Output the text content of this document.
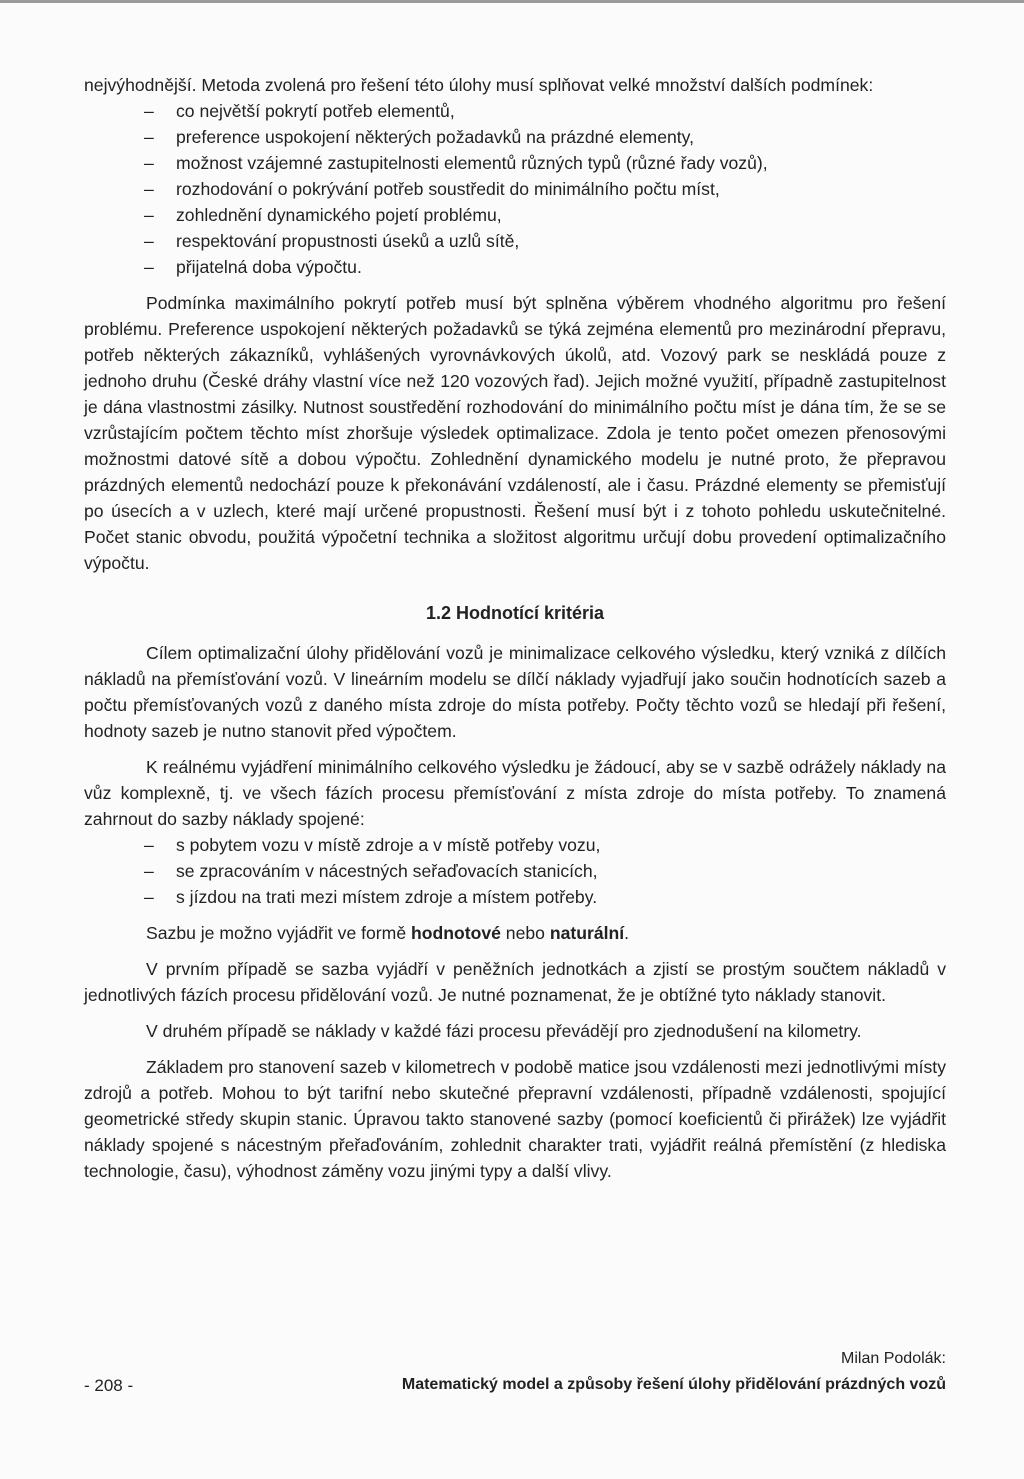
nejvýhodnější. Metoda zvolená pro řešení této úlohy musí splňovat velké množství dalších podmínek:

– co největší pokrytí potřeb elementů,
– preference uspokojení některých požadavků na prázdné elementy,
– možnost vzájemné zastupitelnosti elementů různých typů (různé řady vozů),
– rozhodování o pokrývání potřeb soustředit do minimálního počtu míst,
– zohlednění dynamického pojetí problému,
– respektování propustnosti úseků a uzlů sítě,
– přijatelná doba výpočtu.

Podmínka maximálního pokrytí potřeb musí být splněna výběrem vhodného algoritmu pro řešení problému. Preference uspokojení některých požadavků se týká zejména elementů pro mezinárodní přepravu, potřeb některých zákazníků, vyhlášených vyrovnávkových úkolů, atd. Vozový park se neskládá pouze z jednoho druhu (České dráhy vlastní více než 120 vozových řad). Jejich možné využití, případně zastupitelnost je dána vlastnostmi zásilky. Nutnost soustředění rozhodování do minimálního počtu míst je dána tím, že se se vzrůstajícím počtem těchto míst zhoršuje výsledek optimalizace. Zdola je tento počet omezen přenosovými možnostmi datové sítě a dobou výpočtu. Zohlednění dynamického modelu je nutné proto, že přepravou prázdných elementů nedochází pouze k překonávání vzdáleností, ale i času. Prázdné elementy se přemisťují po úsecích a v uzlech, které mají určené propustnosti. Řešení musí být i z tohoto pohledu uskutečnitelné. Počet stanic obvodu, použitá výpočetní technika a složitost algoritmu určují dobu provedení optimalizačního výpočtu.

1.2 Hodnotící kritéria

Cílem optimalizační úlohy přidělování vozů je minimalizace celkového výsledku, který vzniká z dílčích nákladů na přemísťování vozů. V lineárním modelu se dílčí náklady vyjadřují jako součin hodnotících sazeb a počtu přemísťovaných vozů z daného místa zdroje do místa potřeby. Počty těchto vozů se hledají při řešení, hodnoty sazeb je nutno stanovit před výpočtem.

K reálnému vyjádření minimálního celkového výsledku je žádoucí, aby se v sazbě odrážely náklady na vůz komplexně, tj. ve všech fázích procesu přemísťování z místa zdroje do místa potřeby. To znamená zahrnout do sazby náklady spojené:

– s pobytem vozu v místě zdroje a v místě potřeby vozu,
– se zpracováním v nácestných seřaďovacích stanicích,
– s jízdou na trati mezi místem zdroje a místem potřeby.

Sazbu je možno vyjádřit ve formě hodnotové nebo naturální.

V prvním případě se sazba vyjádří v peněžních jednotkách a zjistí se prostým součtem nákladů v jednotlivých fázích procesu přidělování vozů. Je nutné poznamenat, že je obtížné tyto náklady stanovit.

V druhém případě se náklady v každé fázi procesu převádějí pro zjednodušení na kilometry.

Základem pro stanovení sazeb v kilometrech v podobě matice jsou vzdálenosti mezi jednotlivými místy zdrojů a potřeb. Mohou to být tarifní nebo skutečné přepravní vzdálenosti, případně vzdálenosti, spojující geometrické středy skupin stanic. Úpravou takto stanovené sazby (pomocí koeficientů či přirážek) lze vyjádřit náklady spojené s nácestným přeřaďováním, zohlednit charakter trati, vyjádřit reálná přemístění (z hlediska technologie, času), výhodnost záměny vozu jinými typy a další vlivy.

Milan Podolák:
- 208 -	Matematický model a způsoby řešení úlohy přidělování prázdných vozů
